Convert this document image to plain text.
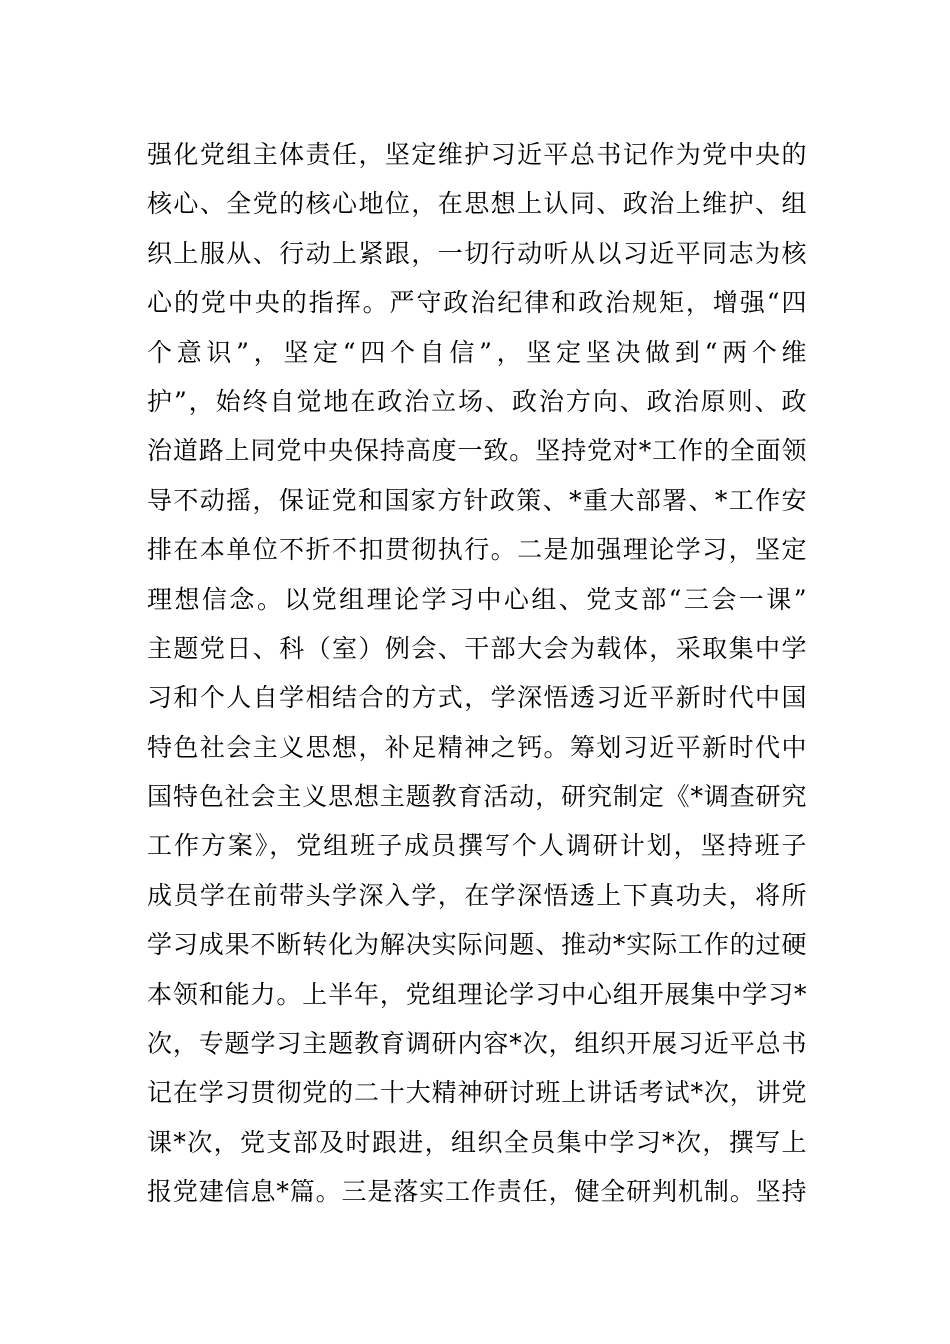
强化党组主体责任，坚定维护习近平总书记作为党中央的
核心、全党的核心地位，在思想上认同、政治上维护、组
织上服从、行动上紧跟，一切行动听从以习近平同志为核
心的党中央的指挥。严守政治纪律和政治规矩，增强“四
个意识”，坚定“四个自信”，坚定坚决做到“两个维
护”，始终自觉地在政治立场、政治方向、政治原则、政
治道路上同党中央保持高度一致。坚持党对*工作的全面领
导不动摇，保证党和国家方针政策、*重大部署、*工作安
排在本单位不折不扣贯彻执行。二是加强理论学习，坚定
理想信念。以党组理论学习中心组、党支部“三会一课”
主题党日、科（室）例会、干部大会为载体，采取集中学
习和个人自学相结合的方式，学深悟透习近平新时代中国
特色社会主义思想，补足精神之钙。筹划习近平新时代中
国特色社会主义思想主题教育活动，研究制定《*调查研究
工作方案》，党组班子成员撰写个人调研计划，坚持班子
成员学在前带头学深入学，在学深悟透上下真功夫，将所
学习成果不断转化为解决实际问题、推动*实际工作的过硬
本领和能力。上半年，党组理论学习中心组开展集中学习*
次，专题学习主题教育调研内容*次，组织开展习近平总书
记在学习贯彻党的二十大精神研讨班上讲话考试*次，讲党
课*次，党支部及时跟进，组织全员集中学习*次，撰写上
报党建信息*篇。三是落实工作责任，健全研判机制。坚持
